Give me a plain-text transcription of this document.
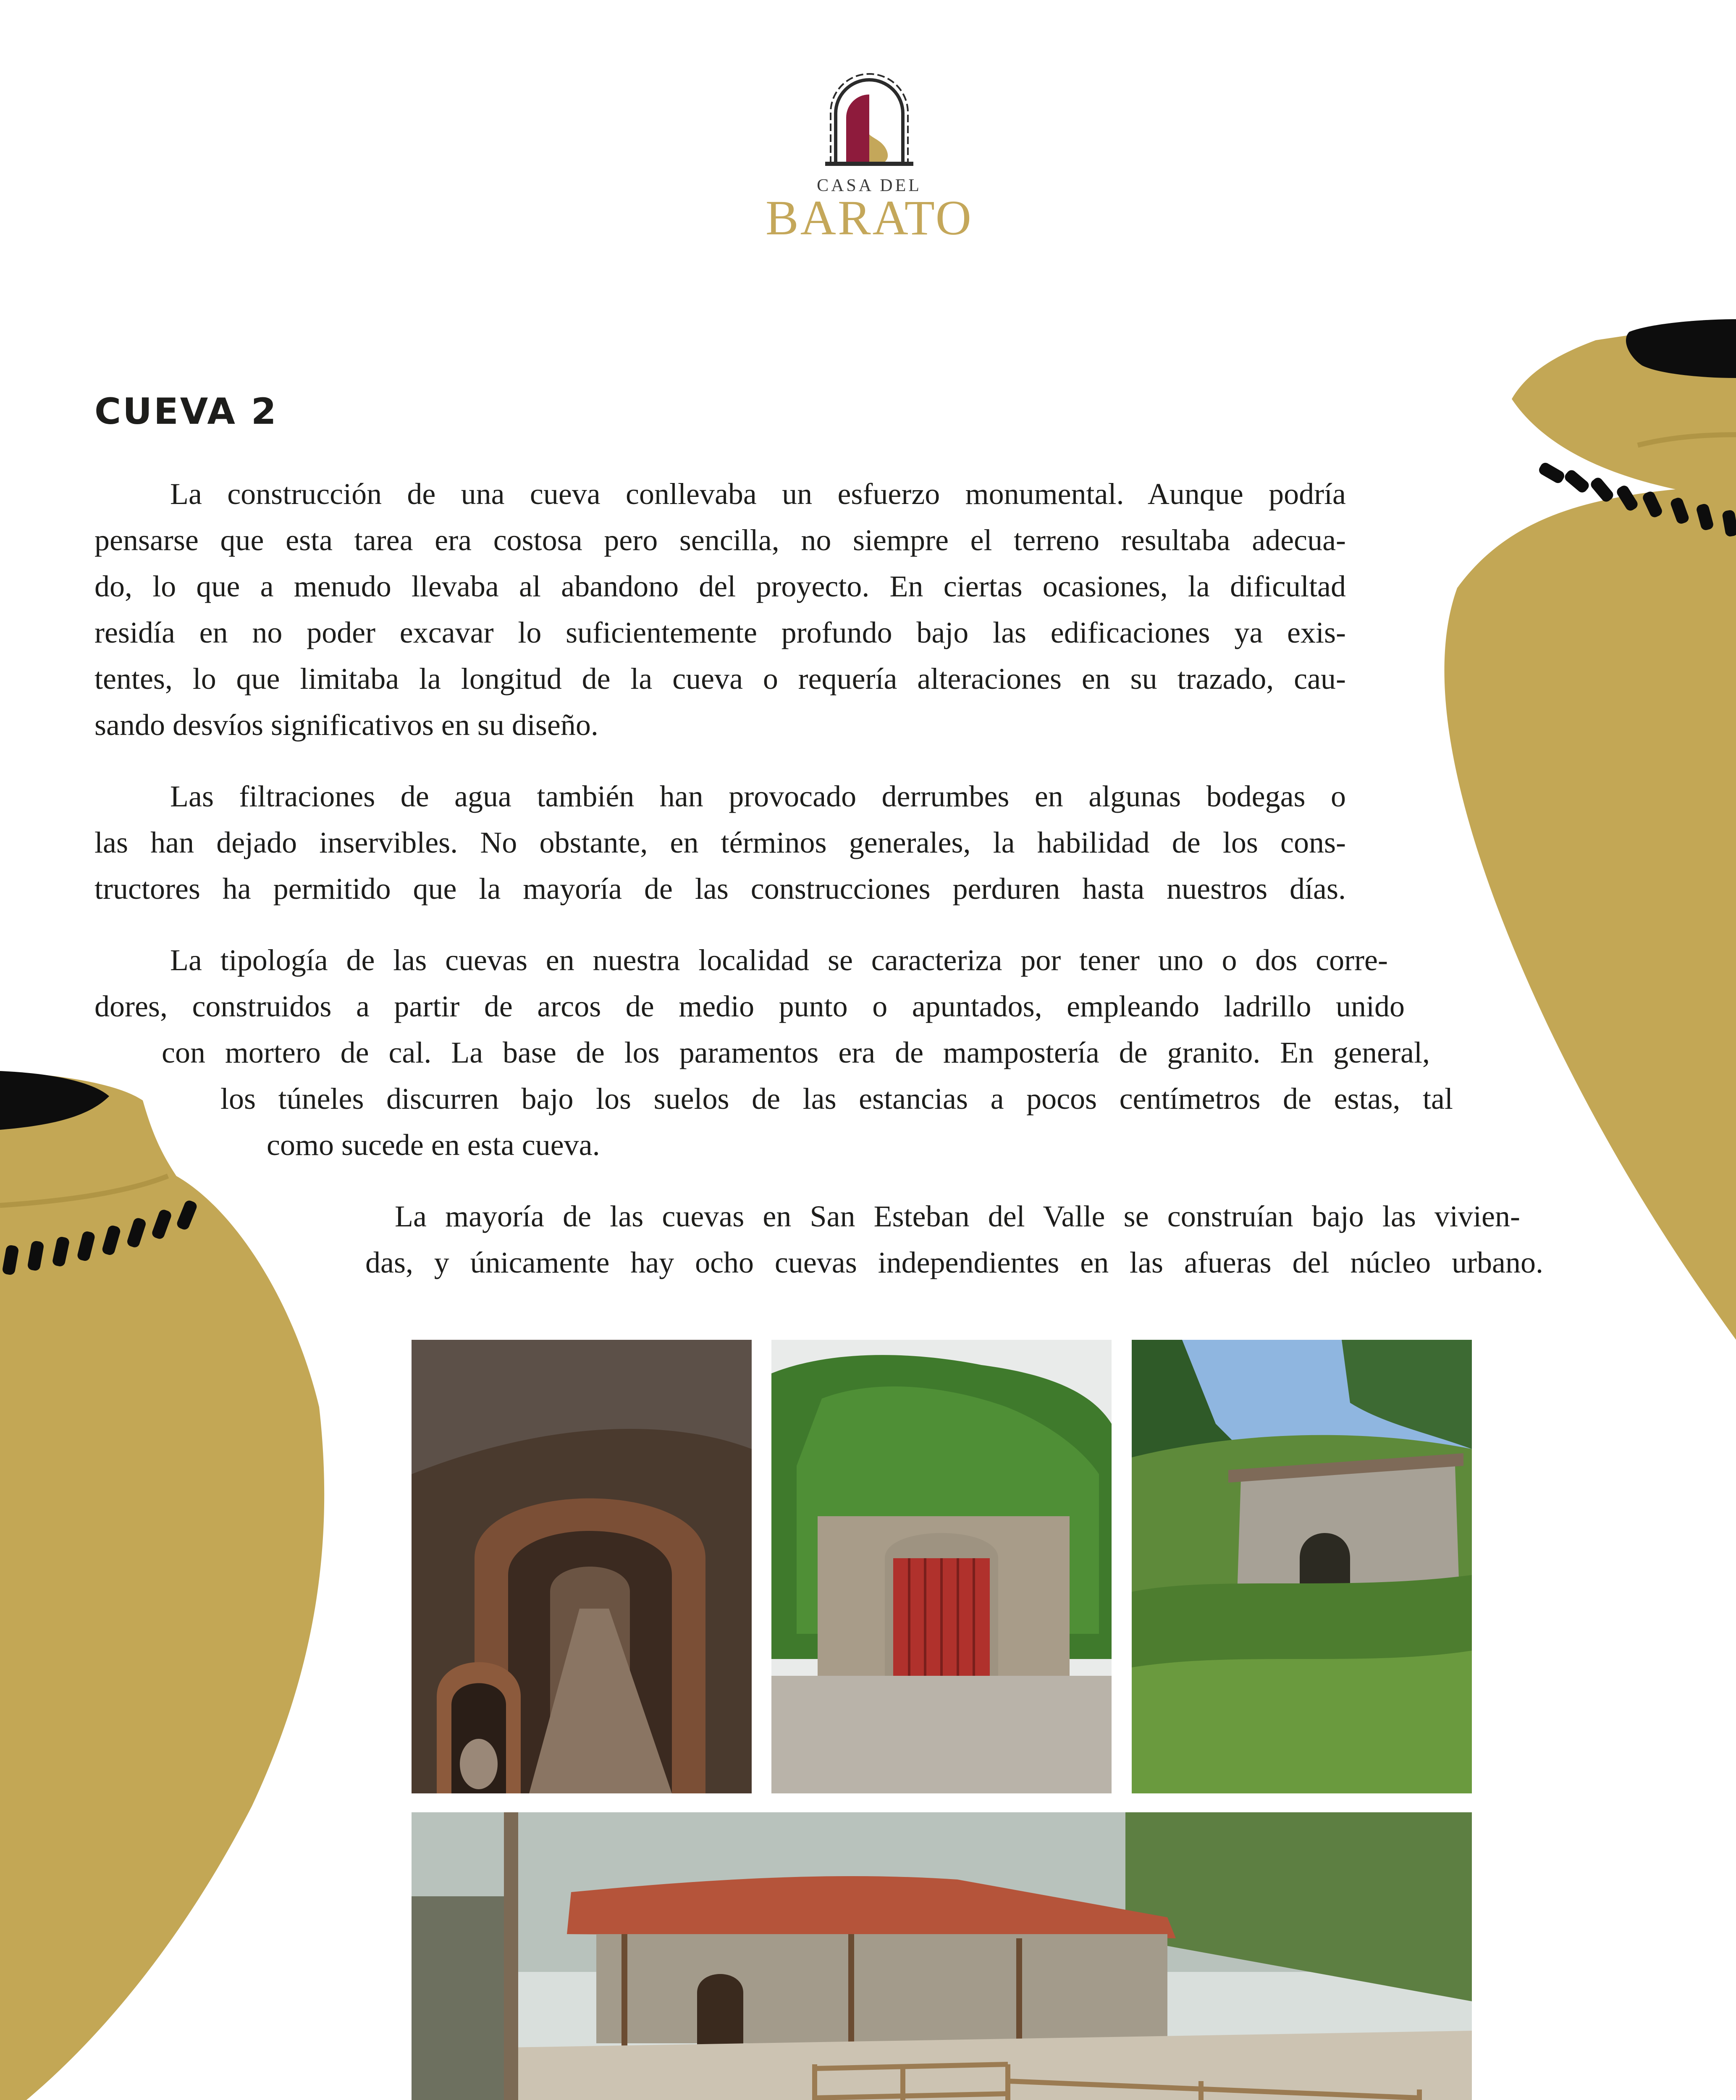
CASA DEL
BARATO
CUEVA 2

La construcción de una cueva conllevaba un esfuerzo monumental. Aunque podría

pensarse que esta tarea era costosa pero sencilla, no siempre el terreno resultaba adecua-

do, lo que a menudo llevaba al abandono del proyecto. En ciertas ocasiones, la dificultad

residía en no poder excavar lo suficientemente profundo bajo las edificaciones ya exis-

tentes, lo que limitaba la longitud de la cueva o requería alteraciones en su trazado, cau-

sando desvíos significativos en su diseño.

Las filtraciones de agua también han provocado derrumbes en algunas bodegas o

las han dejado inservibles. No obstante, en términos generales, la habilidad de los cons-

tructores ha permitido que la mayoría de las construcciones perduren hasta nuestros días.

La tipología de las cuevas en nuestra localidad se caracteriza por tener uno o dos corre-

dores, construidos a partir de arcos de medio punto o apuntados, empleando ladrillo unido

con mortero de cal. La base de los paramentos era de mampostería de granito. En general,

los túneles discurren bajo los suelos de las estancias a pocos centímetros de estas, tal

como sucede en esta cueva.

La mayoría de las cuevas en San Esteban del Valle se construían bajo las vivien-

das, y únicamente hay ocho cuevas independientes en las afueras del núcleo urbano.
